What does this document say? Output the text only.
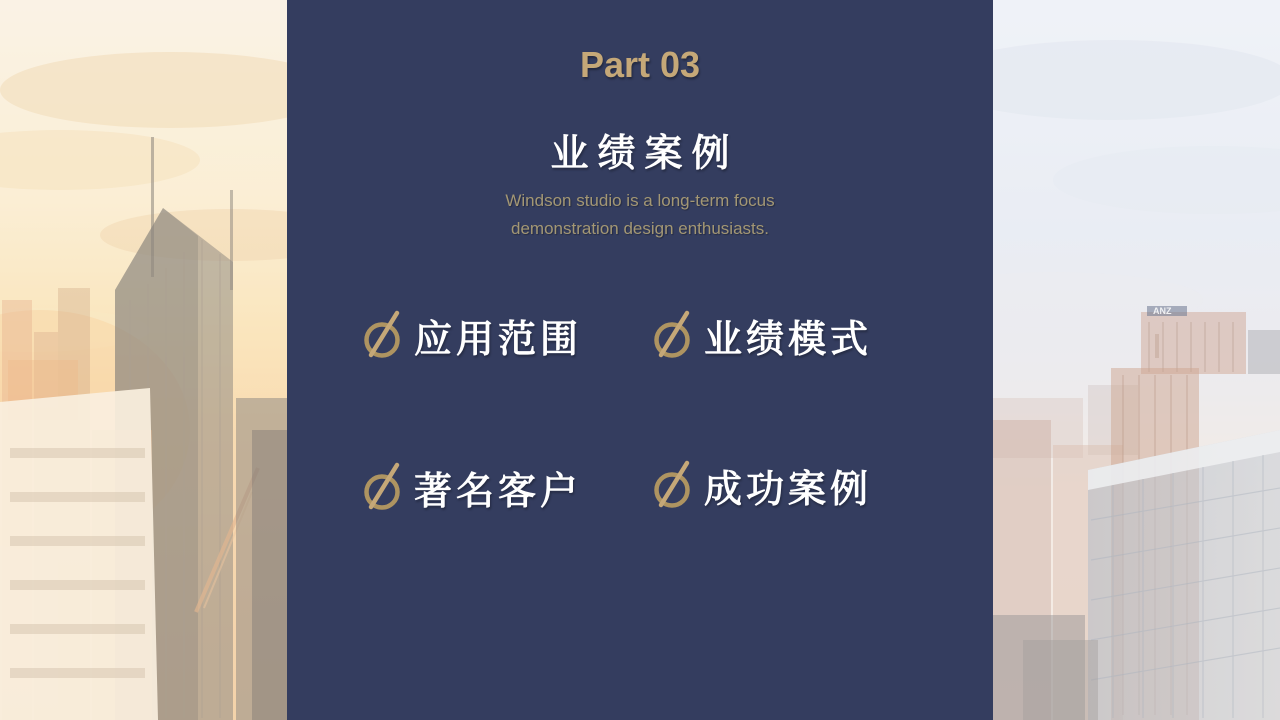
ANZ
Part 03
业绩案例
Windson studio is a long-term focus
demonstration design enthusiasts.
应用范围	业绩模式
著名客户	成功案例
